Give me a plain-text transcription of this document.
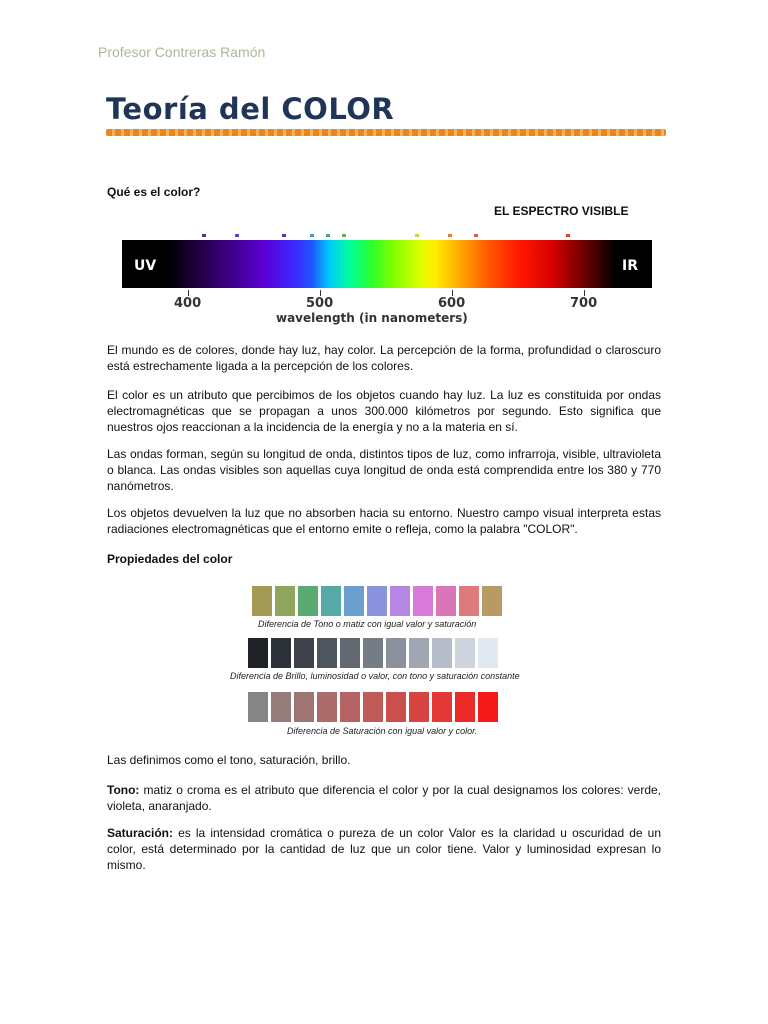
Profesor Contreras Ramón
Teoría del COLOR
Qué es el color?
EL ESPECTRO VISIBLE
UV	IR
400	500	600	700
wavelength (in nanometers)

El mundo es de colores, donde hay luz, hay color. La percepción de la forma, profundidad o claroscuro está estrechamente ligada a la percepción de los colores.

El color es un atributo que percibimos de los objetos cuando hay luz. La luz es constituida por ondas electromagnéticas que se propagan a unos 300.000 kilómetros por segundo. Esto significa que nuestros ojos reaccionan a la incidencia de la energía y no a la materia en sí.

Las ondas forman, según su longitud de onda, distintos tipos de luz, como infrarroja, visible, ultravioleta o blanca. Las ondas visibles son aquellas cuya longitud de onda está comprendida entre los 380 y 770 nanómetros.

Los objetos devuelven la luz que no absorben hacia su entorno. Nuestro campo visual interpreta estas radiaciones electromagnéticas que el entorno emite o refleja, como la palabra "COLOR".

Propiedades del color
Diferencia de Tono o matiz con igual valor y saturación
Diferencia de Brillo, luminosidad o valor, con tono y saturación constante
Diferencia de Saturación con igual valor y color.

Las definimos como el tono, saturación, brillo.

Tono: matiz o croma es el atributo que diferencia el color y por la cual designamos los colores: verde, violeta, anaranjado.

Saturación: es la intensidad cromática o pureza de un color Valor es la claridad u oscuridad de un color, está determinado por la cantidad de luz que un color tiene. Valor y luminosidad expresan lo mismo.
